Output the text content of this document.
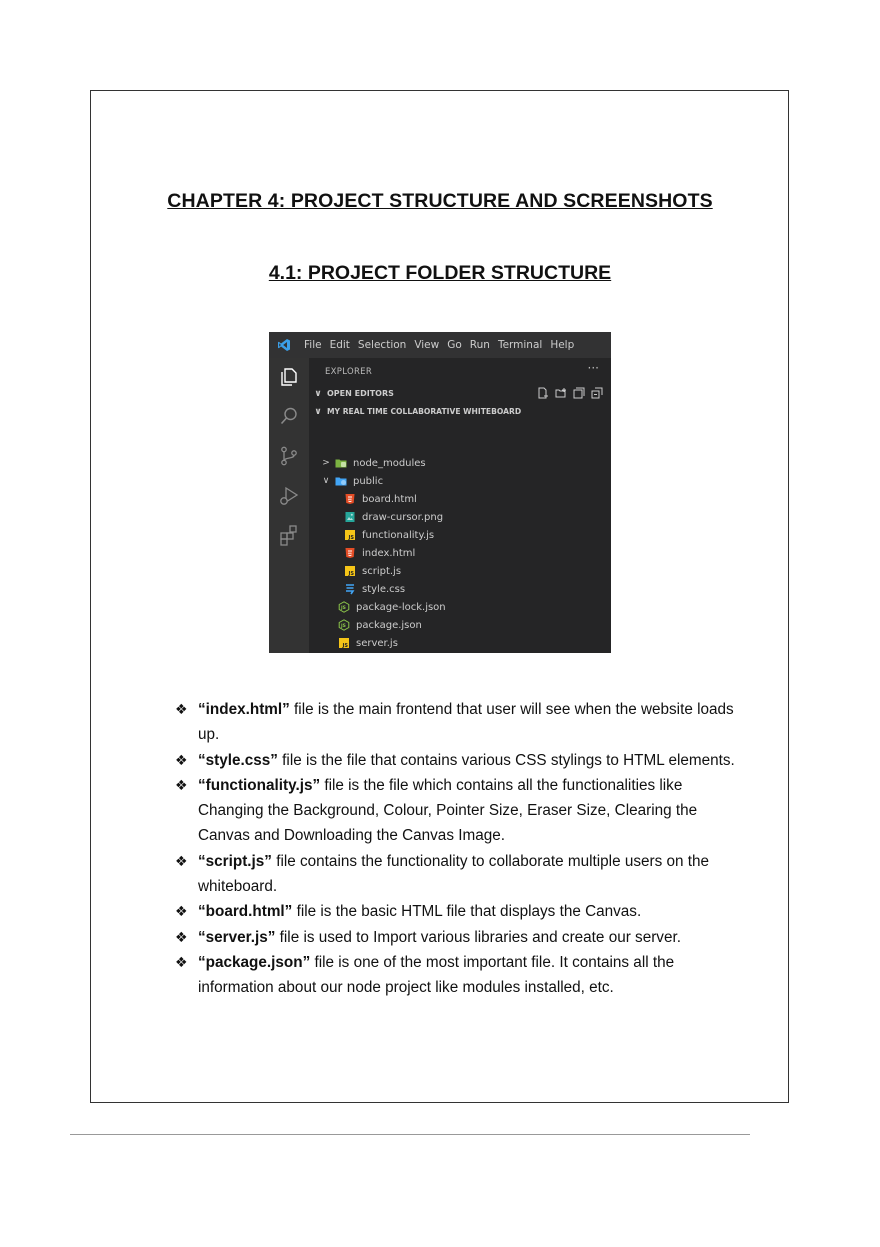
CHAPTER 4: PROJECT STRUCTURE AND SCREENSHOTS
4.1: PROJECT FOLDER STRUCTURE
File Edit Selection View Go Run Terminal Help
EXPLORER	···
∨ OPEN EDITORS
∨ MY REAL TIME COLLABORATIVE WHITEBOARD
> node_modules
∨ public
board.html
draw-cursor.png
JS functionality.js
index.html
JS script.js
style.css
JS package-lock.json
JS package.json
JS server.js
❖ “index.html” file is the main frontend that user will see when the website loads up.
❖ “style.css” file is the file that contains various CSS stylings to HTML elements.
❖ “functionality.js” file is the file which contains all the functionalities like Changing the Background, Colour, Pointer Size, Eraser Size, Clearing the Canvas and Downloading the Canvas Image.
❖ “script.js” file contains the functionality to collaborate multiple users on the whiteboard.
❖ “board.html” file is the basic HTML file that displays the Canvas.
❖ “server.js” file is used to Import various libraries and create our server.
❖ “package.json” file is one of the most important file. It contains all the information about our node project like modules installed, etc.
